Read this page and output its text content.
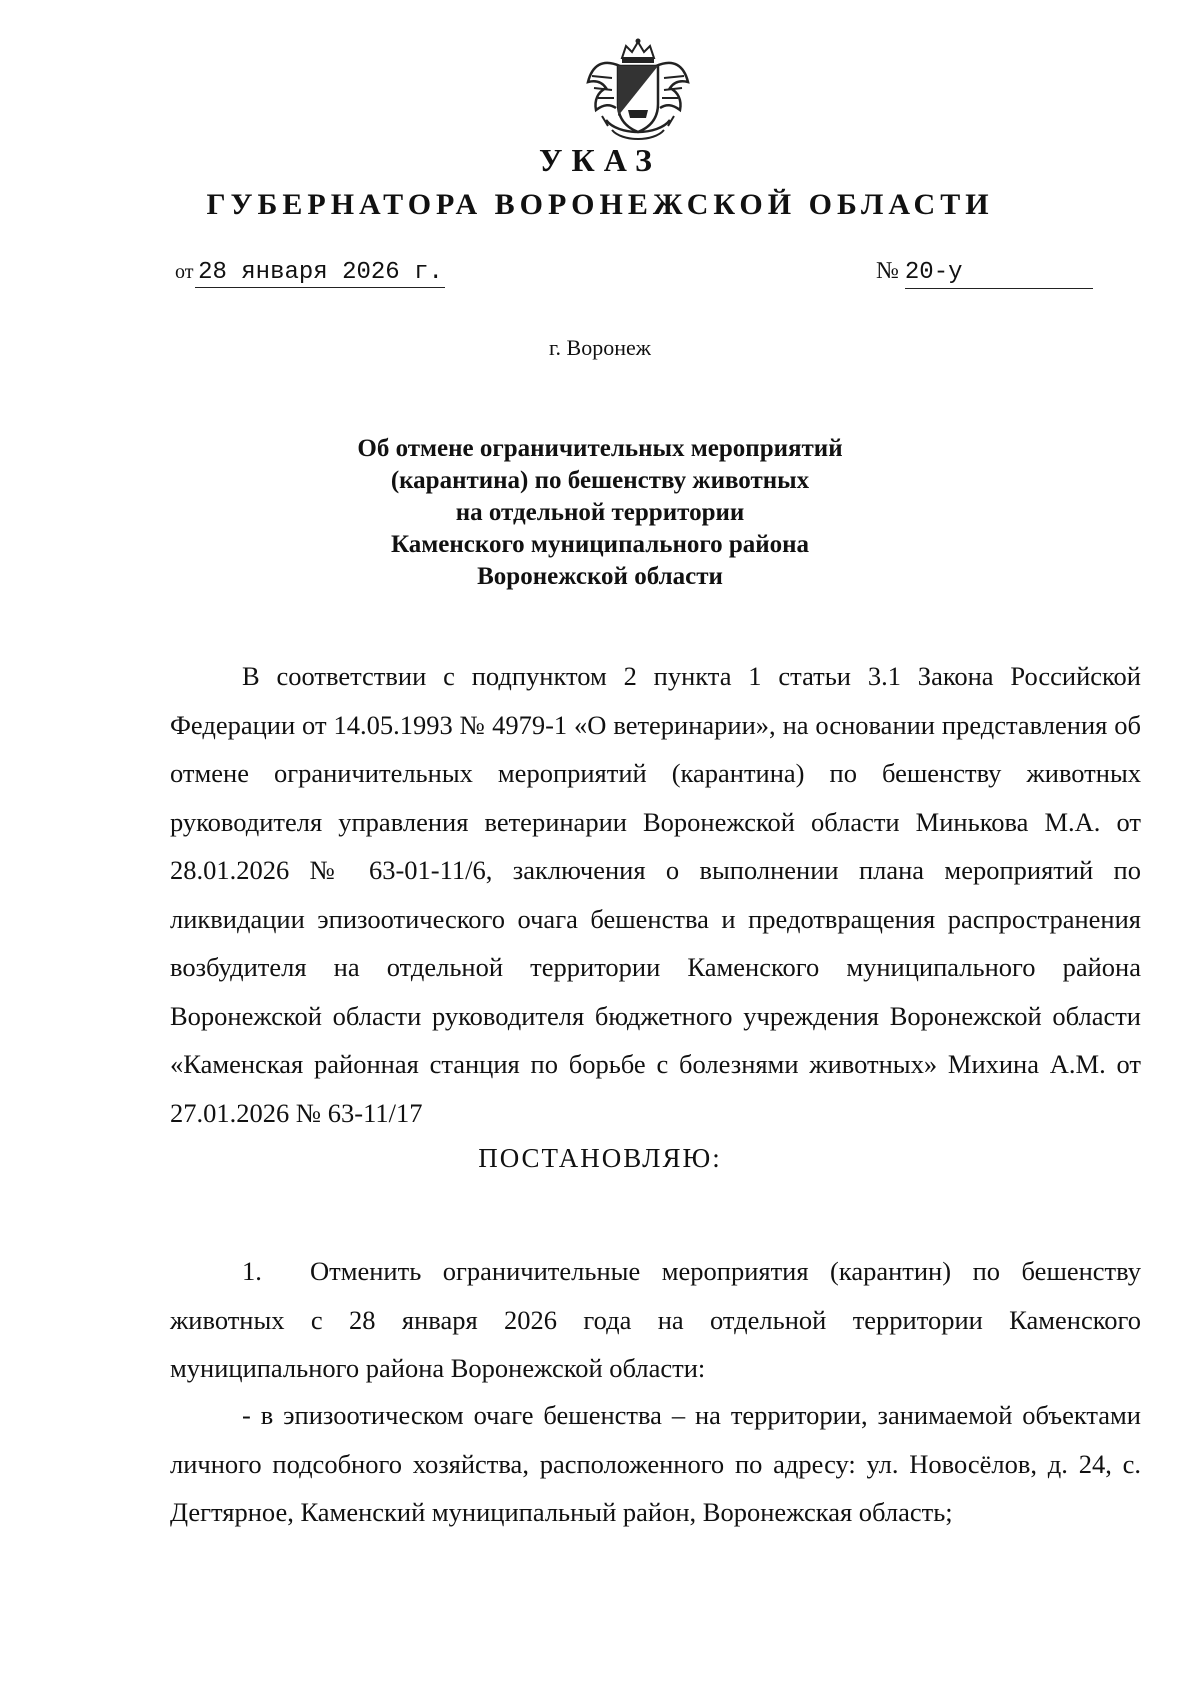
УКАЗ
ГУБЕРНАТОРА ВОРОНЕЖСКОЙ ОБЛАСТИ
от 28 января 2026 г.	№ 20-у
г. Воронеж
Об отмене ограничительных мероприятий
(карантина) по бешенству животных
на отдельной территории
Каменского муниципального района
Воронежской области
В соответствии с подпунктом 2 пункта 1 статьи 3.1 Закона Российской Федерации от 14.05.1993 № 4979-1 «О ветеринарии», на основании представления об отмене ограничительных мероприятий (карантина) по бешенству животных руководителя управления ветеринарии Воронежской области Минькова М.А. от 28.01.2026 № 63-01-11/6, заключения о выполнении плана мероприятий по ликвидации эпизоотического очага бешенства и предотвращения распространения возбудителя на отдельной территории Каменского муниципального района Воронежской области руководителя бюджетного учреждения Воронежской области «Каменская районная станция по борьбе с болезнями животных» Михина А.М. от 27.01.2026 № 63-11/17
ПОСТАНОВЛЯЮ:
1. Отменить ограничительные мероприятия (карантин) по бешенству животных с 28 января 2026 года на отдельной территории Каменского муниципального района Воронежской области:
- в эпизоотическом очаге бешенства – на территории, занимаемой объектами личного подсобного хозяйства, расположенного по адресу: ул. Новосёлов, д. 24, с. Дегтярное, Каменский муниципальный район, Воронежская область;
